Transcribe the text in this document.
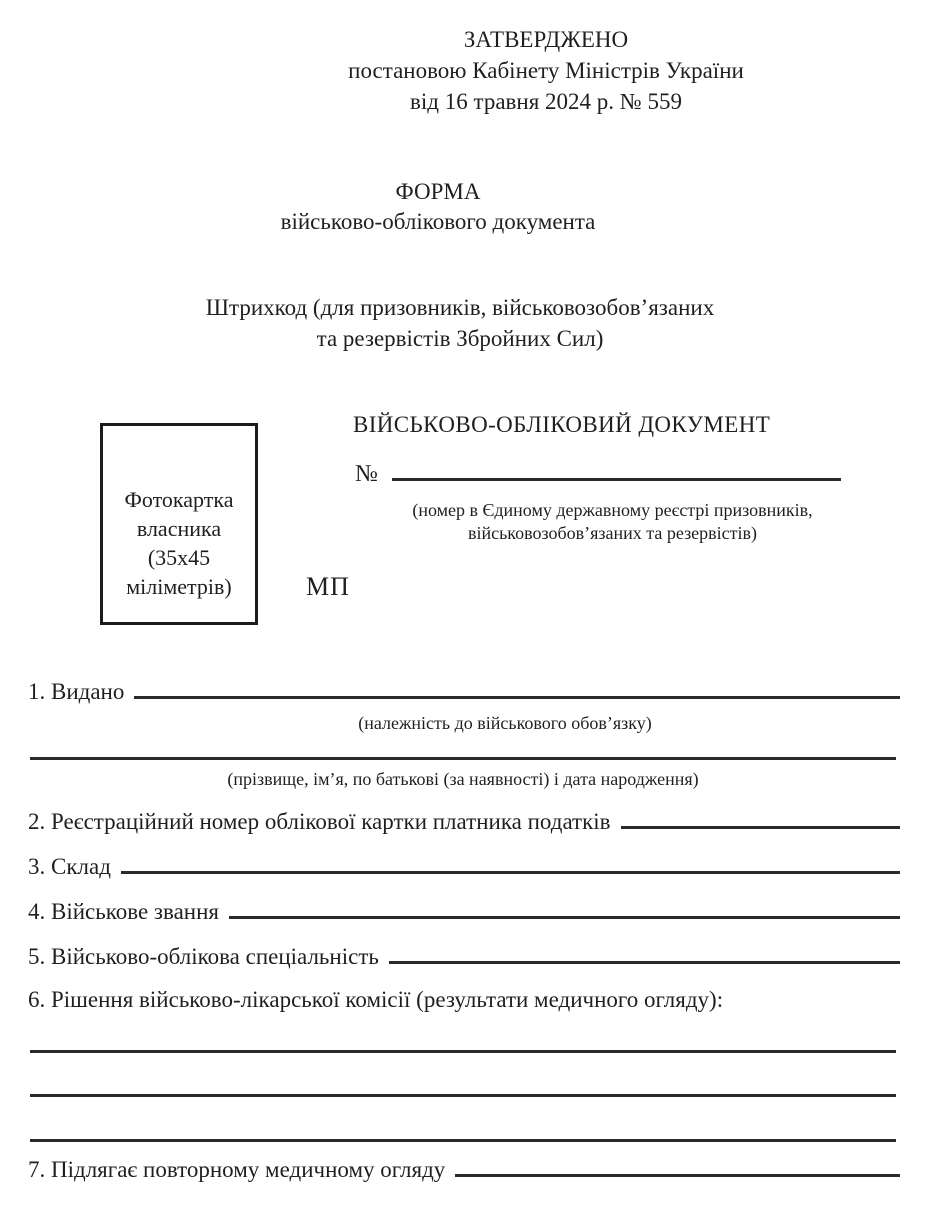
ЗАТВЕРДЖЕНО
постановою Кабінету Міністрів України
від 16 травня 2024 р. № 559
ФОРМА
військово-облікового документа
Штрихкод (для призовників, військовозобов’язаних
та резервістів Збройних Сил)
Фотокартка
власника
(35х45
міліметрів)
ВІЙСЬКОВО-ОБЛІКОВИЙ ДОКУМЕНТ
№
(номер в Єдиному державному реєстрі призовників,
військовозобов’язаних та резервістів)
МП
1. Видано
(належність до військового обов’язку)
(прізвище, ім’я, по батькові (за наявності) і дата народження)
2. Реєстраційний номер облікової картки платника податків
3. Склад
4. Військове звання
5. Військово-облікова спеціальність
6. Рішення військово-лікарської комісії (результати медичного огляду):
7. Підлягає повторному медичному огляду
